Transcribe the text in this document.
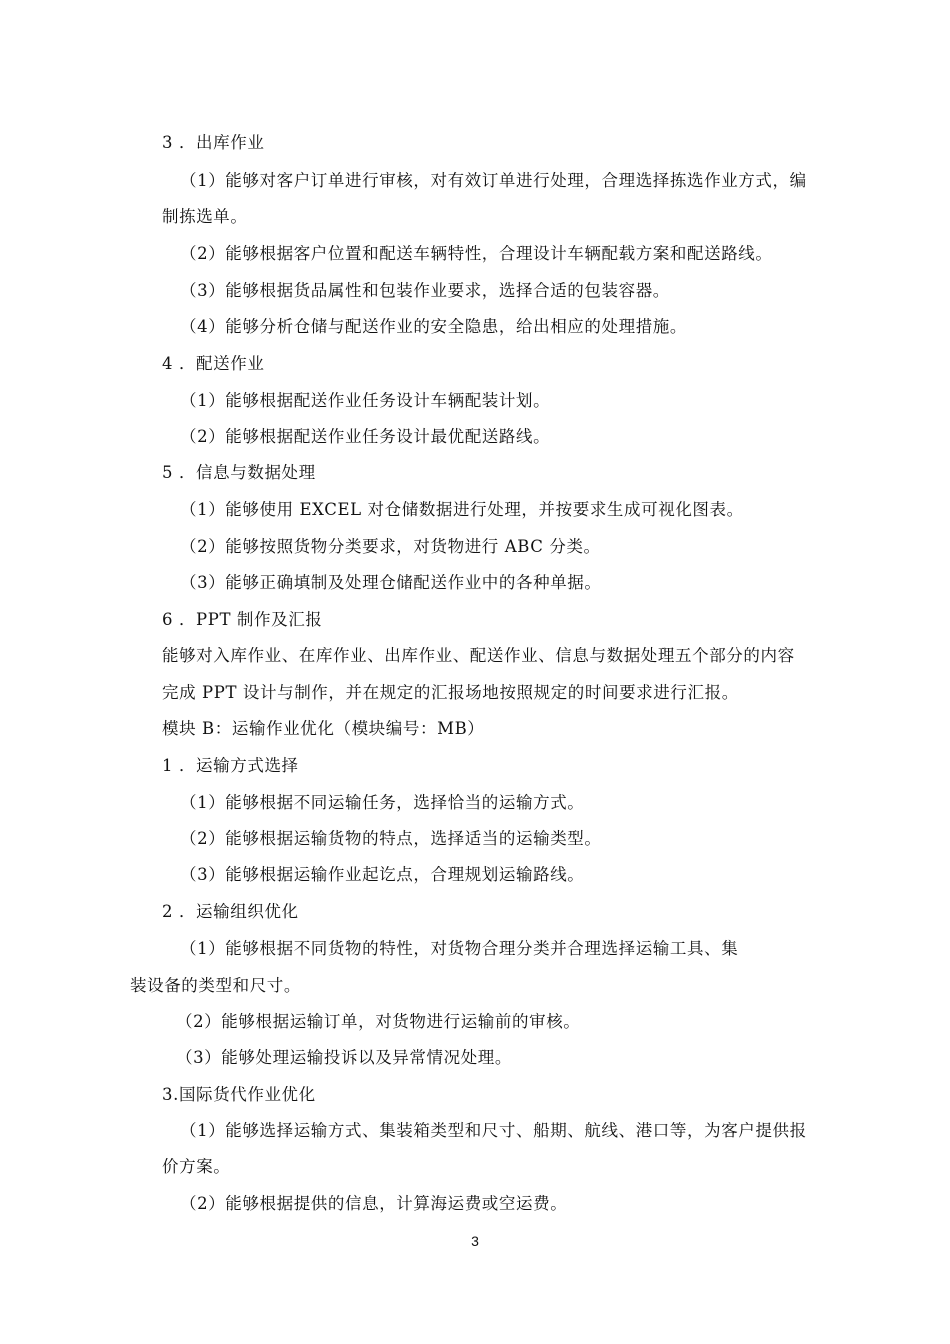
3 ．出库作业
（1）能够对客户订单进行审核，对有效订单进行处理，合理选择拣选作业方式，编
制拣选单。
（2）能够根据客户位置和配送车辆特性，合理设计车辆配载方案和配送路线。
（3）能够根据货品属性和包装作业要求，选择合适的包装容器。
（4）能够分析仓储与配送作业的安全隐患，给出相应的处理措施。
4 ．配送作业
（1）能够根据配送作业任务设计车辆配装计划。
（2）能够根据配送作业任务设计最优配送路线。
5 ．信息与数据处理
（1）能够使用 EXCEL 对仓储数据进行处理，并按要求生成可视化图表。
（2）能够按照货物分类要求，对货物进行 ABC 分类。
（3）能够正确填制及处理仓储配送作业中的各种单据。
6 ．PPT 制作及汇报
能够对入库作业、在库作业、出库作业、配送作业、信息与数据处理五个部分的内容
完成 PPT 设计与制作，并在规定的汇报场地按照规定的时间要求进行汇报。
模块 B：运输作业优化（模块编号：MB）
1 ．运输方式选择
（1）能够根据不同运输任务，选择恰当的运输方式。
（2）能够根据运输货物的特点，选择适当的运输类型。
（3）能够根据运输作业起讫点，合理规划运输路线。
2 ．运输组织优化
（1）能够根据不同货物的特性，对货物合理分类并合理选择运输工具、集
装设备的类型和尺寸。
（2）能够根据运输订单，对货物进行运输前的审核。
（3）能够处理运输投诉以及异常情况处理。
3.国际货代作业优化
（1）能够选择运输方式、集装箱类型和尺寸、船期、航线、港口等，为客户提供报
价方案。
（2）能够根据提供的信息，计算海运费或空运费。
3
